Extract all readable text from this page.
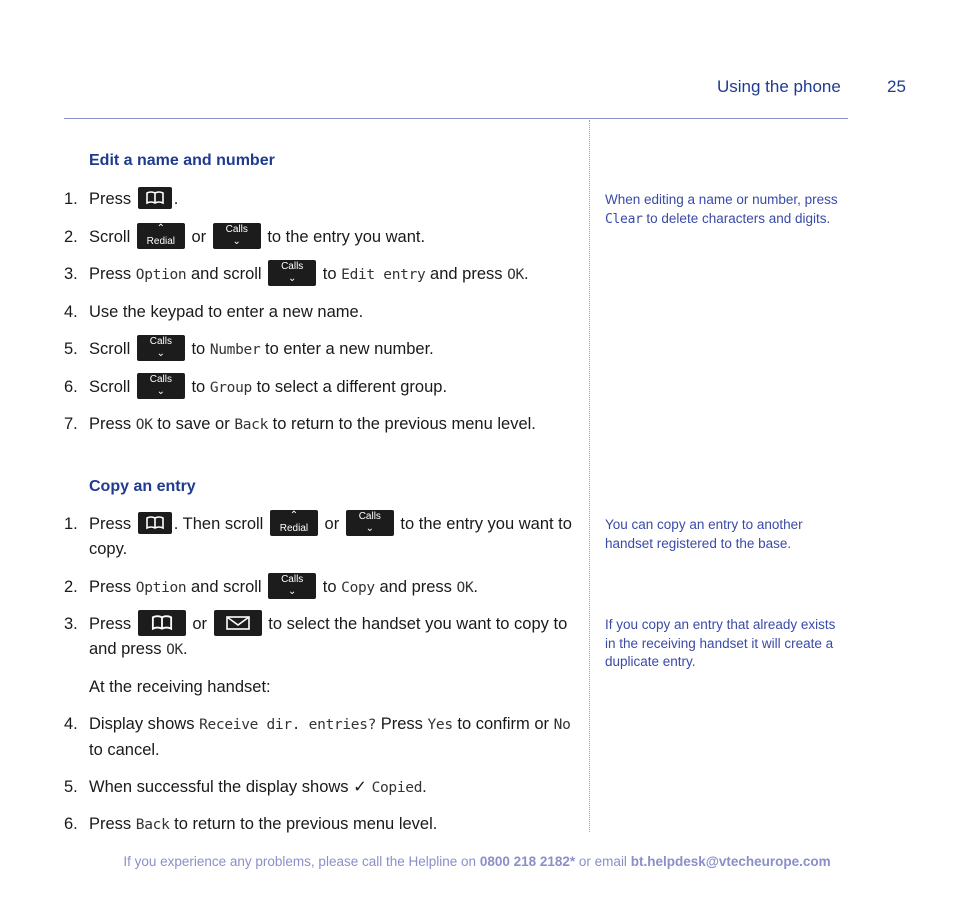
Using the phone	25
Edit a name and number
1. Press	.
2. Scroll	⌃
Redial or	Calls
⌄	to the entry you want.
3. Press Option and scroll	Calls
⌄	to Edit entry and press OK.
4. Use the keypad to enter a new name.
5. Scroll	Calls
⌄	to Number to enter a new number.
6. Scroll	Calls
⌄	to Group to select a different group.
7. Press OK to save or Back to return to the previous menu level.
Copy an entry
1. Press	. Then scroll	⌃
Redial or	Calls
⌄	to the entry you want to copy.
2. Press Option and scroll	Calls
⌄	to Copy and press OK.
3. Press	or	to select the handset you want to copy to and press OK.
At the receiving handset:
4. Display shows Receive dir. entries? Press Yes to confirm or No to cancel.
5. When successful the display shows ✓ Copied.
6. Press Back to return to the previous menu level.
When editing a name or number, press Clear to delete characters and digits.
You can copy an entry to another handset registered to the base.
If you copy an entry that already exists in the receiving handset it will create a duplicate entry.
If you experience any problems, please call the Helpline on 0800 218 2182* or email bt.helpdesk@vtecheurope.com
